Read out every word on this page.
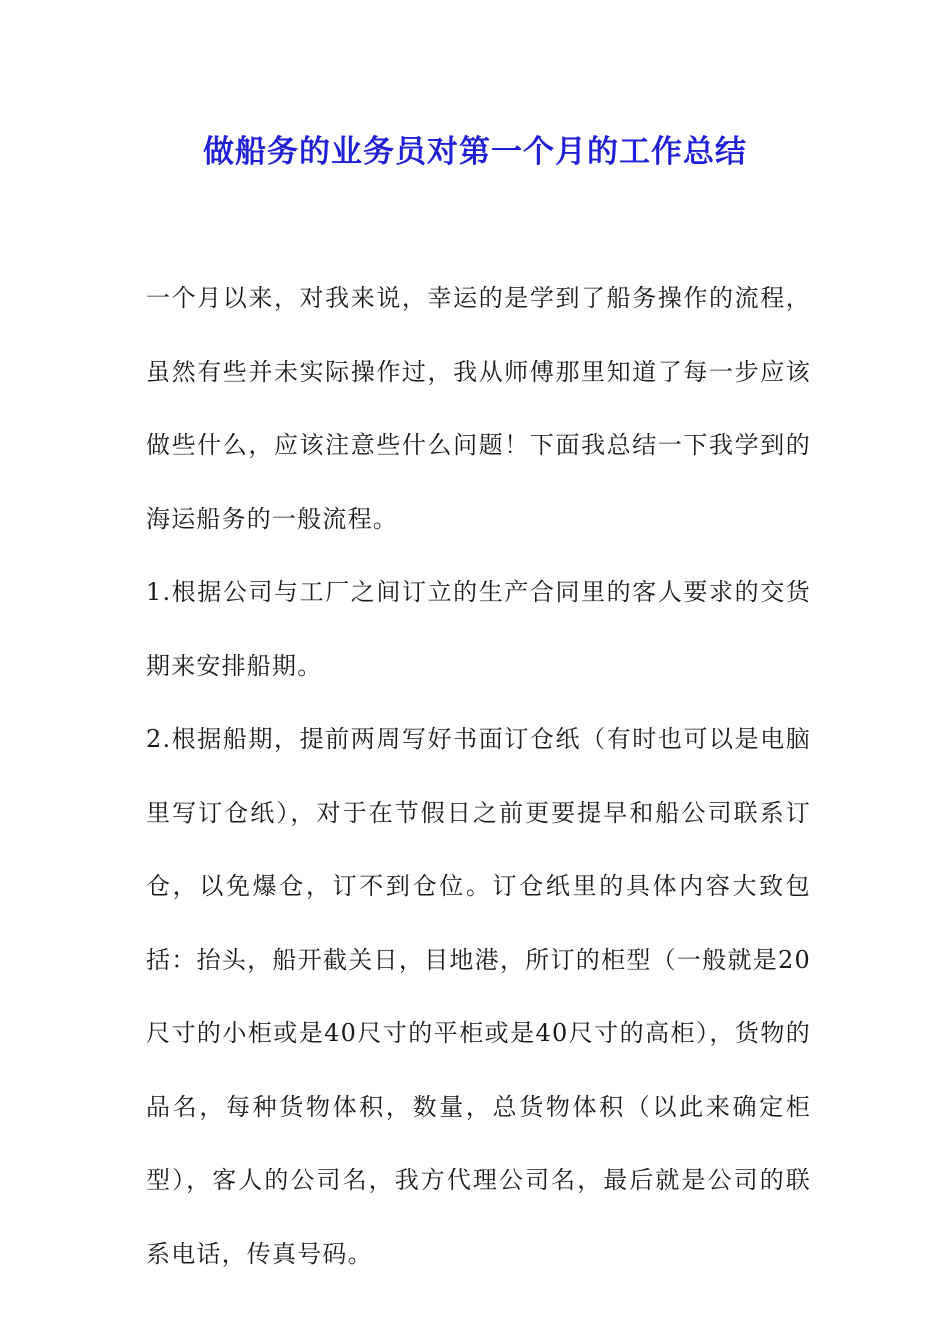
做船务的业务员对第一个月的工作总结

一个月以来，对我来说，幸运的是学到了船务操作的流程，虽然有些并未实际操作过，我从师傅那里知道了每一步应该做些什么，应该注意些什么问题！下面我总结一下我学到的海运船务的一般流程。

1.根据公司与工厂之间订立的生产合同里的客人要求的交货期来安排船期。

2.根据船期，提前两周写好书面订仓纸（有时也可以是电脑里写订仓纸），对于在节假日之前更要提早和船公司联系订仓，以免爆仓，订不到仓位。订仓纸里的具体内容大致包括：抬头，船开截关日，目地港，所订的柜型（一般就是20尺寸的小柜或是40尺寸的平柜或是40尺寸的高柜），货物的品名，每种货物体积，数量，总货物体积（以此来确定柜型），客人的公司名，我方代理公司名，最后就是公司的联系电话，传真号码。
